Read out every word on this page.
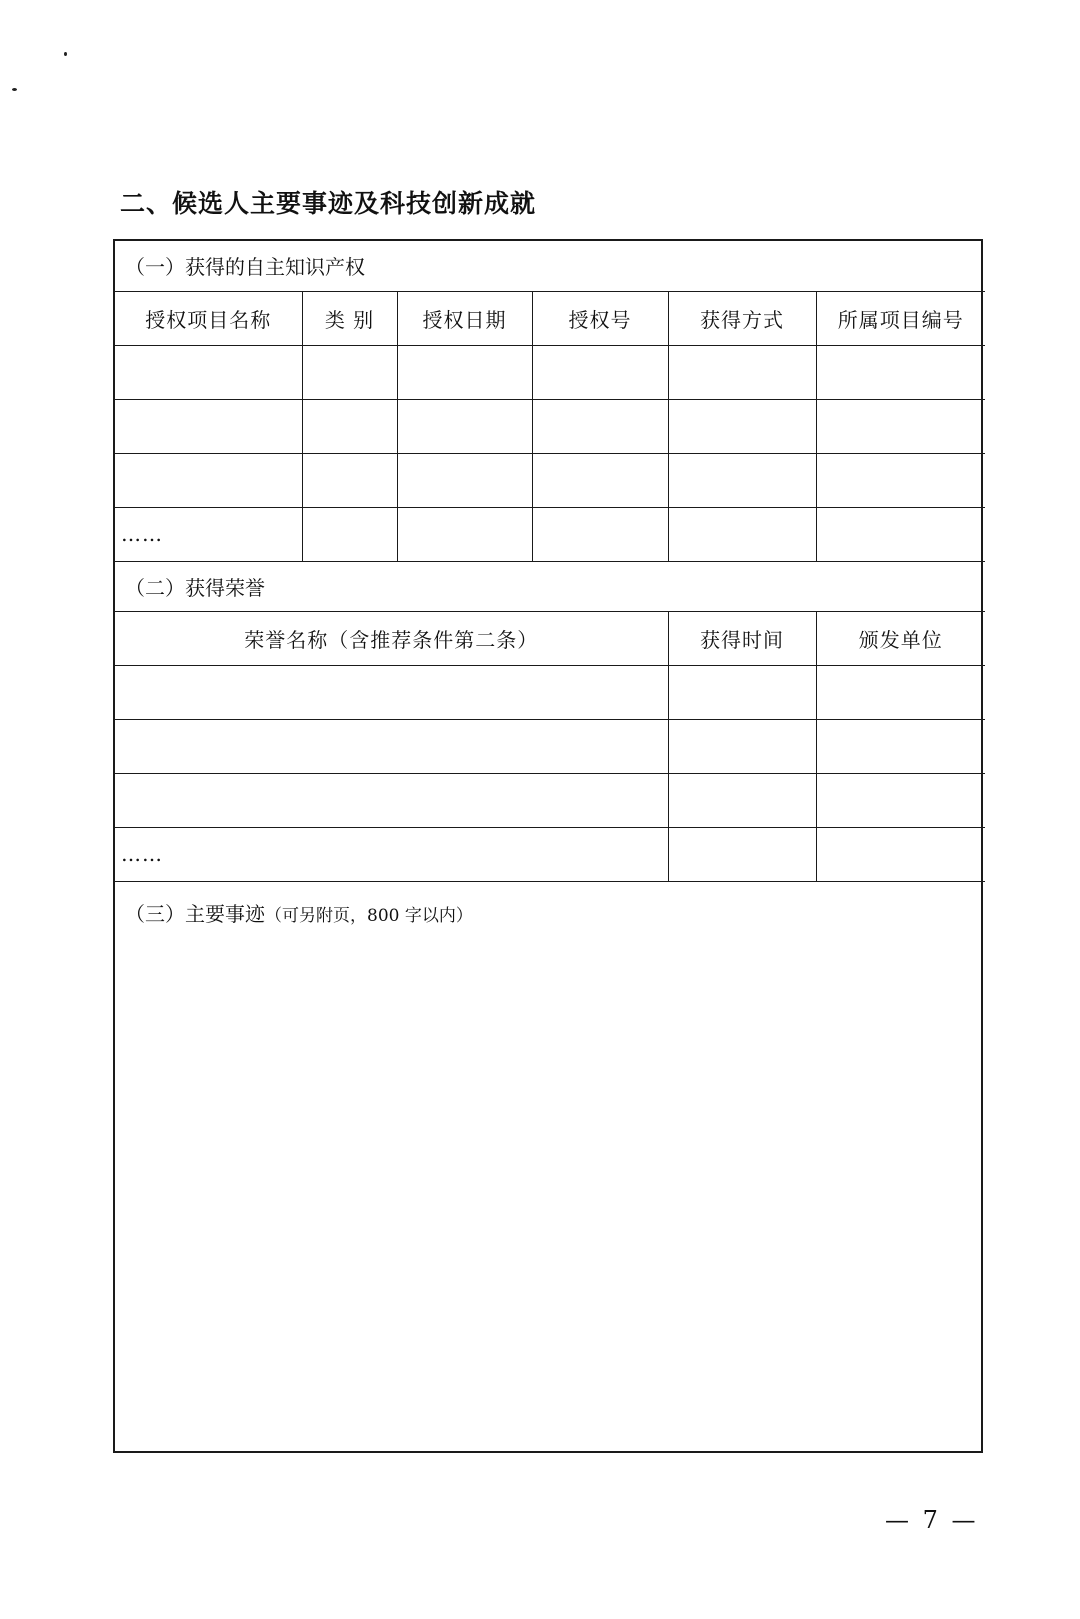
二、候选人主要事迹及科技创新成就
（一）获得的自主知识产权					
授权项目名称	类 别	授权日期	授权号	获得方式	所属项目编号

……					
（二）获得荣誉					
荣誉名称（含推荐条件第二条）				获得时间	颁发单位

……					
（三）主要事迹（可另附页，800 字以内）					
— 7 —
